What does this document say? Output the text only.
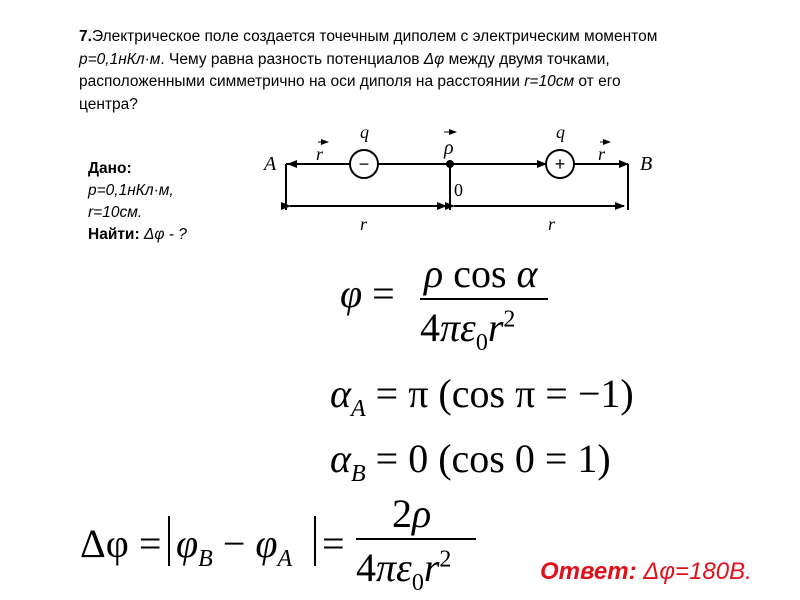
7.Электрическое поле создается точечным диполем с электрическим моментом
p=0,1нКл·м. Чему равна разность потенциалов Δφ между двумя точками,
расположенными симметрично на оси диполя на расстоянии r=10см от его
центра?
Дано:
p=0,1нКл·м,
r=10см.
Найти: Δφ - ?
−	+
A	B
0
q	q
r	ρ	r
r	r
φ = ρ cos α
$4\pi\varepsilon_0r^2$
$\alpha_A = \pi$ (cos π = −1)
$\alpha_B = 0$ (cos 0 = 1)
$\Delta\varphi = \varphi_B - \varphi_A$ =
2ρ
$4\pi\varepsilon_0r^2$	Ответ: Δφ=180В.
